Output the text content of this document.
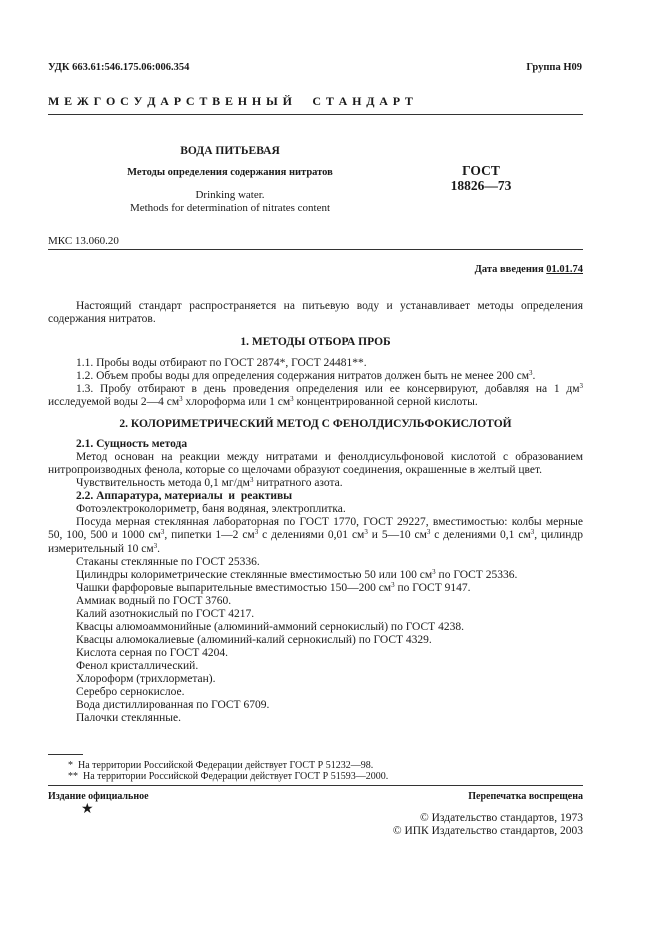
УДК 663.61:546.175.06:006.354	Группа Н09
М Е Ж Г О С У Д А Р С Т В Е Н Н Ы Й     С Т А Н Д А Р Т
ВОДА ПИТЬЕВАЯ
Методы определения содержания нитратов
Drinking water.
Methods for determination of nitrates content
ГОСТ
18826—73
МКС 13.060.20
Дата введения 01.01.74
Настоящий стандарт распространяется на питьевую воду и устанавливает методы определения содержания нитратов.
1. МЕТОДЫ ОТБОРА ПРОБ
1.1. Пробы воды отбирают по ГОСТ 2874*, ГОСТ 24481**.
1.2. Объем пробы воды для определения содержания нитратов должен быть не менее 200 $см^3$.
1.3. Пробу отбирают в день проведения определения или ее консервируют, добавляя на 1 $дм^3$ исследуемой воды 2—4 $см^3$ хлороформа или 1 $см^3$ концентрированной серной кислоты.
2. КОЛОРИМЕТРИЧЕСКИЙ МЕТОД С ФЕНОЛДИСУЛЬФОКИСЛОТОЙ
2.1. Сущность метода
Метод основан на реакции между нитратами и фенолдисульфоновой кислотой с образованием нитропроизводных фенола, которые со щелочами образуют соединения, окрашенные в желтый цвет.
Чувствительность метода 0,1 $мг/дм^3$ нитратного азота.
2.2. Аппаратура, материалы  и  реактивы
Фотоэлектроколориметр, баня водяная, электроплитка.
Посуда мерная стеклянная лабораторная по ГОСТ 1770, ГОСТ 29227, вместимостью: колбы мерные 50, 100, 500 и 1000 $см^3$, пипетки 1—2 $см^3$ с делениями 0,01 $см^3$ и 5—10 $см^3$ с делениями 0,1 $см^3$, цилиндр измерительный 10 $см^3$.
Стаканы стеклянные по ГОСТ 25336.
Цилиндры колориметрические стеклянные вместимостью 50 или 100 $см^3$ по ГОСТ 25336.
Чашки фарфоровые выпарительные вместимостью 150—200 $см^3$ по ГОСТ 9147.
Аммиак водный по ГОСТ 3760.
Калий азотнокислый по ГОСТ 4217.
Квасцы алюмоаммонийные (алюминий-аммоний сернокислый) по ГОСТ 4238.
Квасцы алюмокалиевые (алюминий-калий сернокислый) по ГОСТ 4329.
Кислота серная по ГОСТ 4204.
Фенол кристаллический.
Хлороформ (трихлорметан).
Серебро сернокислое.
Вода дистиллированная по ГОСТ 6709.
Палочки стеклянные.
*  На территории Российской Федерации действует ГОСТ Р 51232—98.
**  На территории Российской Федерации действует ГОСТ Р 51593—2000.
Издание официальное
★
Перепечатка воспрещена
© Издательство стандартов, 1973
© ИПК Издательство стандартов, 2003
